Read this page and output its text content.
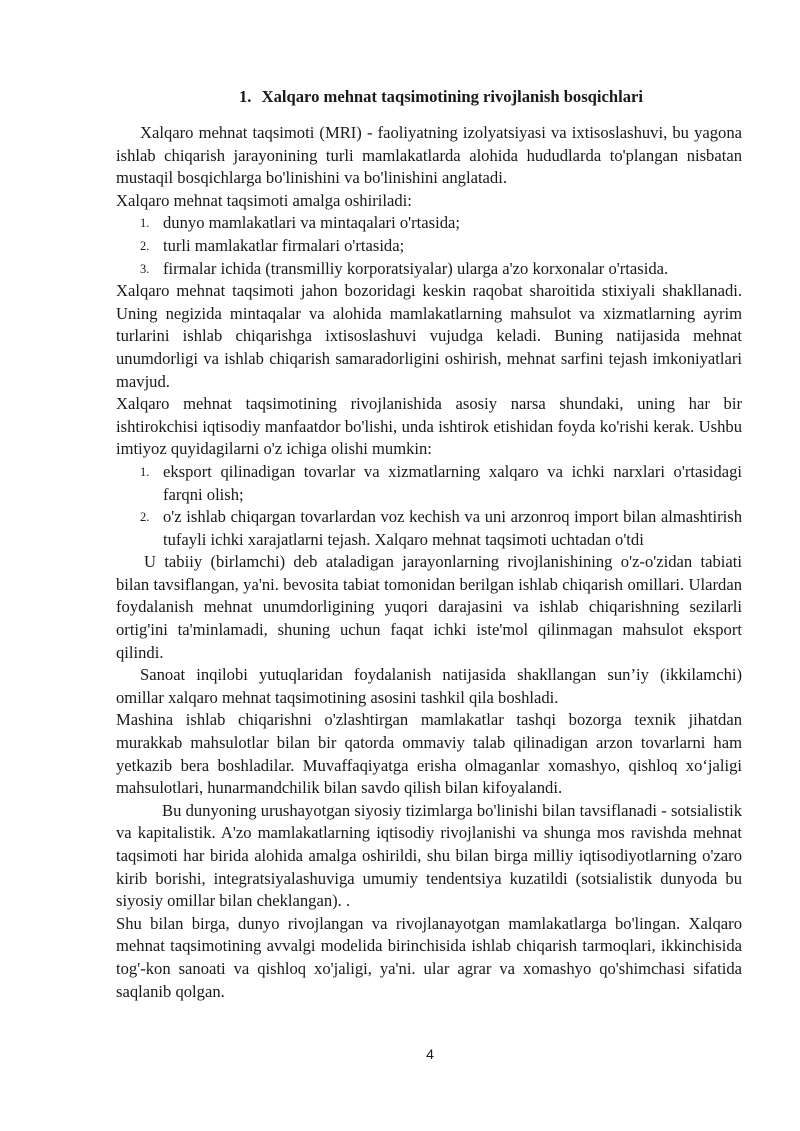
1. Xalqaro mehnat taqsimotining rivojlanish bosqichlari

Xalqaro mehnat taqsimoti (MRI) - faoliyatning izolyatsiyasi va ixtisoslashuvi, bu yagona ishlab chiqarish jarayonining turli mamlakatlarda alohida hududlarda to'plangan nisbatan mustaqil bosqichlarga bo'linishini va bo'linishini anglatadi.

Xalqaro mehnat taqsimoti amalga oshiriladi:

1. dunyo mamlakatlari va mintaqalari o'rtasida;
2. turli mamlakatlar firmalari o'rtasida;
3. firmalar ichida (transmilliy korporatsiyalar) ularga a'zo korxonalar o'rtasida.

Xalqaro mehnat taqsimoti jahon bozoridagi keskin raqobat sharoitida stixiyali shakllanadi. Uning negizida mintaqalar va alohida mamlakatlarning mahsulot va xizmatlarning ayrim turlarini ishlab chiqarishga ixtisoslashuvi vujudga keladi. Buning natijasida mehnat unumdorligi va ishlab chiqarish samaradorligini oshirish, mehnat sarfini tejash imkoniyatlari mavjud.

Xalqaro mehnat taqsimotining rivojlanishida asosiy narsa shundaki, uning har bir ishtirokchisi iqtisodiy manfaatdor bo'lishi, unda ishtirok etishidan foyda ko'rishi kerak. Ushbu imtiyoz quyidagilarni o'z ichiga olishi mumkin:

1. eksport qilinadigan tovarlar va xizmatlarning xalqaro va ichki narxlari o'rtasidagi farqni olish;
2. o'z ishlab chiqargan tovarlardan voz kechish va uni arzonroq import bilan almashtirish tufayli ichki xarajatlarni tejash. Xalqaro mehnat taqsimoti uchtadan o'tdi

U tabiiy (birlamchi) deb ataladigan jarayonlarning rivojlanishining o'z-o'zidan tabiati bilan tavsiflangan, ya'ni. bevosita tabiat tomonidan berilgan ishlab chiqarish omillari. Ulardan foydalanish mehnat unumdorligining yuqori darajasini va ishlab chiqarishning sezilarli ortig'ini ta'minlamadi, shuning uchun faqat ichki iste'mol qilinmagan mahsulot eksport qilindi.

Sanoat inqilobi yutuqlaridan foydalanish natijasida shakllangan sun’iy (ikkilamchi) omillar xalqaro mehnat taqsimotining asosini tashkil qila boshladi.

Mashina ishlab chiqarishni o'zlashtirgan mamlakatlar tashqi bozorga texnik jihatdan murakkab mahsulotlar bilan bir qatorda ommaviy talab qilinadigan arzon tovarlarni ham yetkazib bera boshladilar. Muvaffaqiyatga erisha olmaganlar xomashyo, qishloq xo‘jaligi mahsulotlari, hunarmandchilik bilan savdo qilish bilan kifoyalandi.

Bu dunyoning urushayotgan siyosiy tizimlarga bo'linishi bilan tavsiflanadi - sotsialistik va kapitalistik. A'zo mamlakatlarning iqtisodiy rivojlanishi va shunga mos ravishda mehnat taqsimoti har birida alohida amalga oshirildi, shu bilan birga milliy iqtisodiyotlarning o'zaro kirib borishi, integratsiyalashuviga umumiy tendentsiya kuzatildi (sotsialistik dunyoda bu siyosiy omillar bilan cheklangan). .

Shu bilan birga, dunyo rivojlangan va rivojlanayotgan mamlakatlarga bo'lingan. Xalqaro mehnat taqsimotining avvalgi modelida birinchisida ishlab chiqarish tarmoqlari, ikkinchisida tog'-kon sanoati va qishloq xo'jaligi, ya'ni. ular agrar va xomashyo qo'shimchasi sifatida saqlanib qolgan.

4
